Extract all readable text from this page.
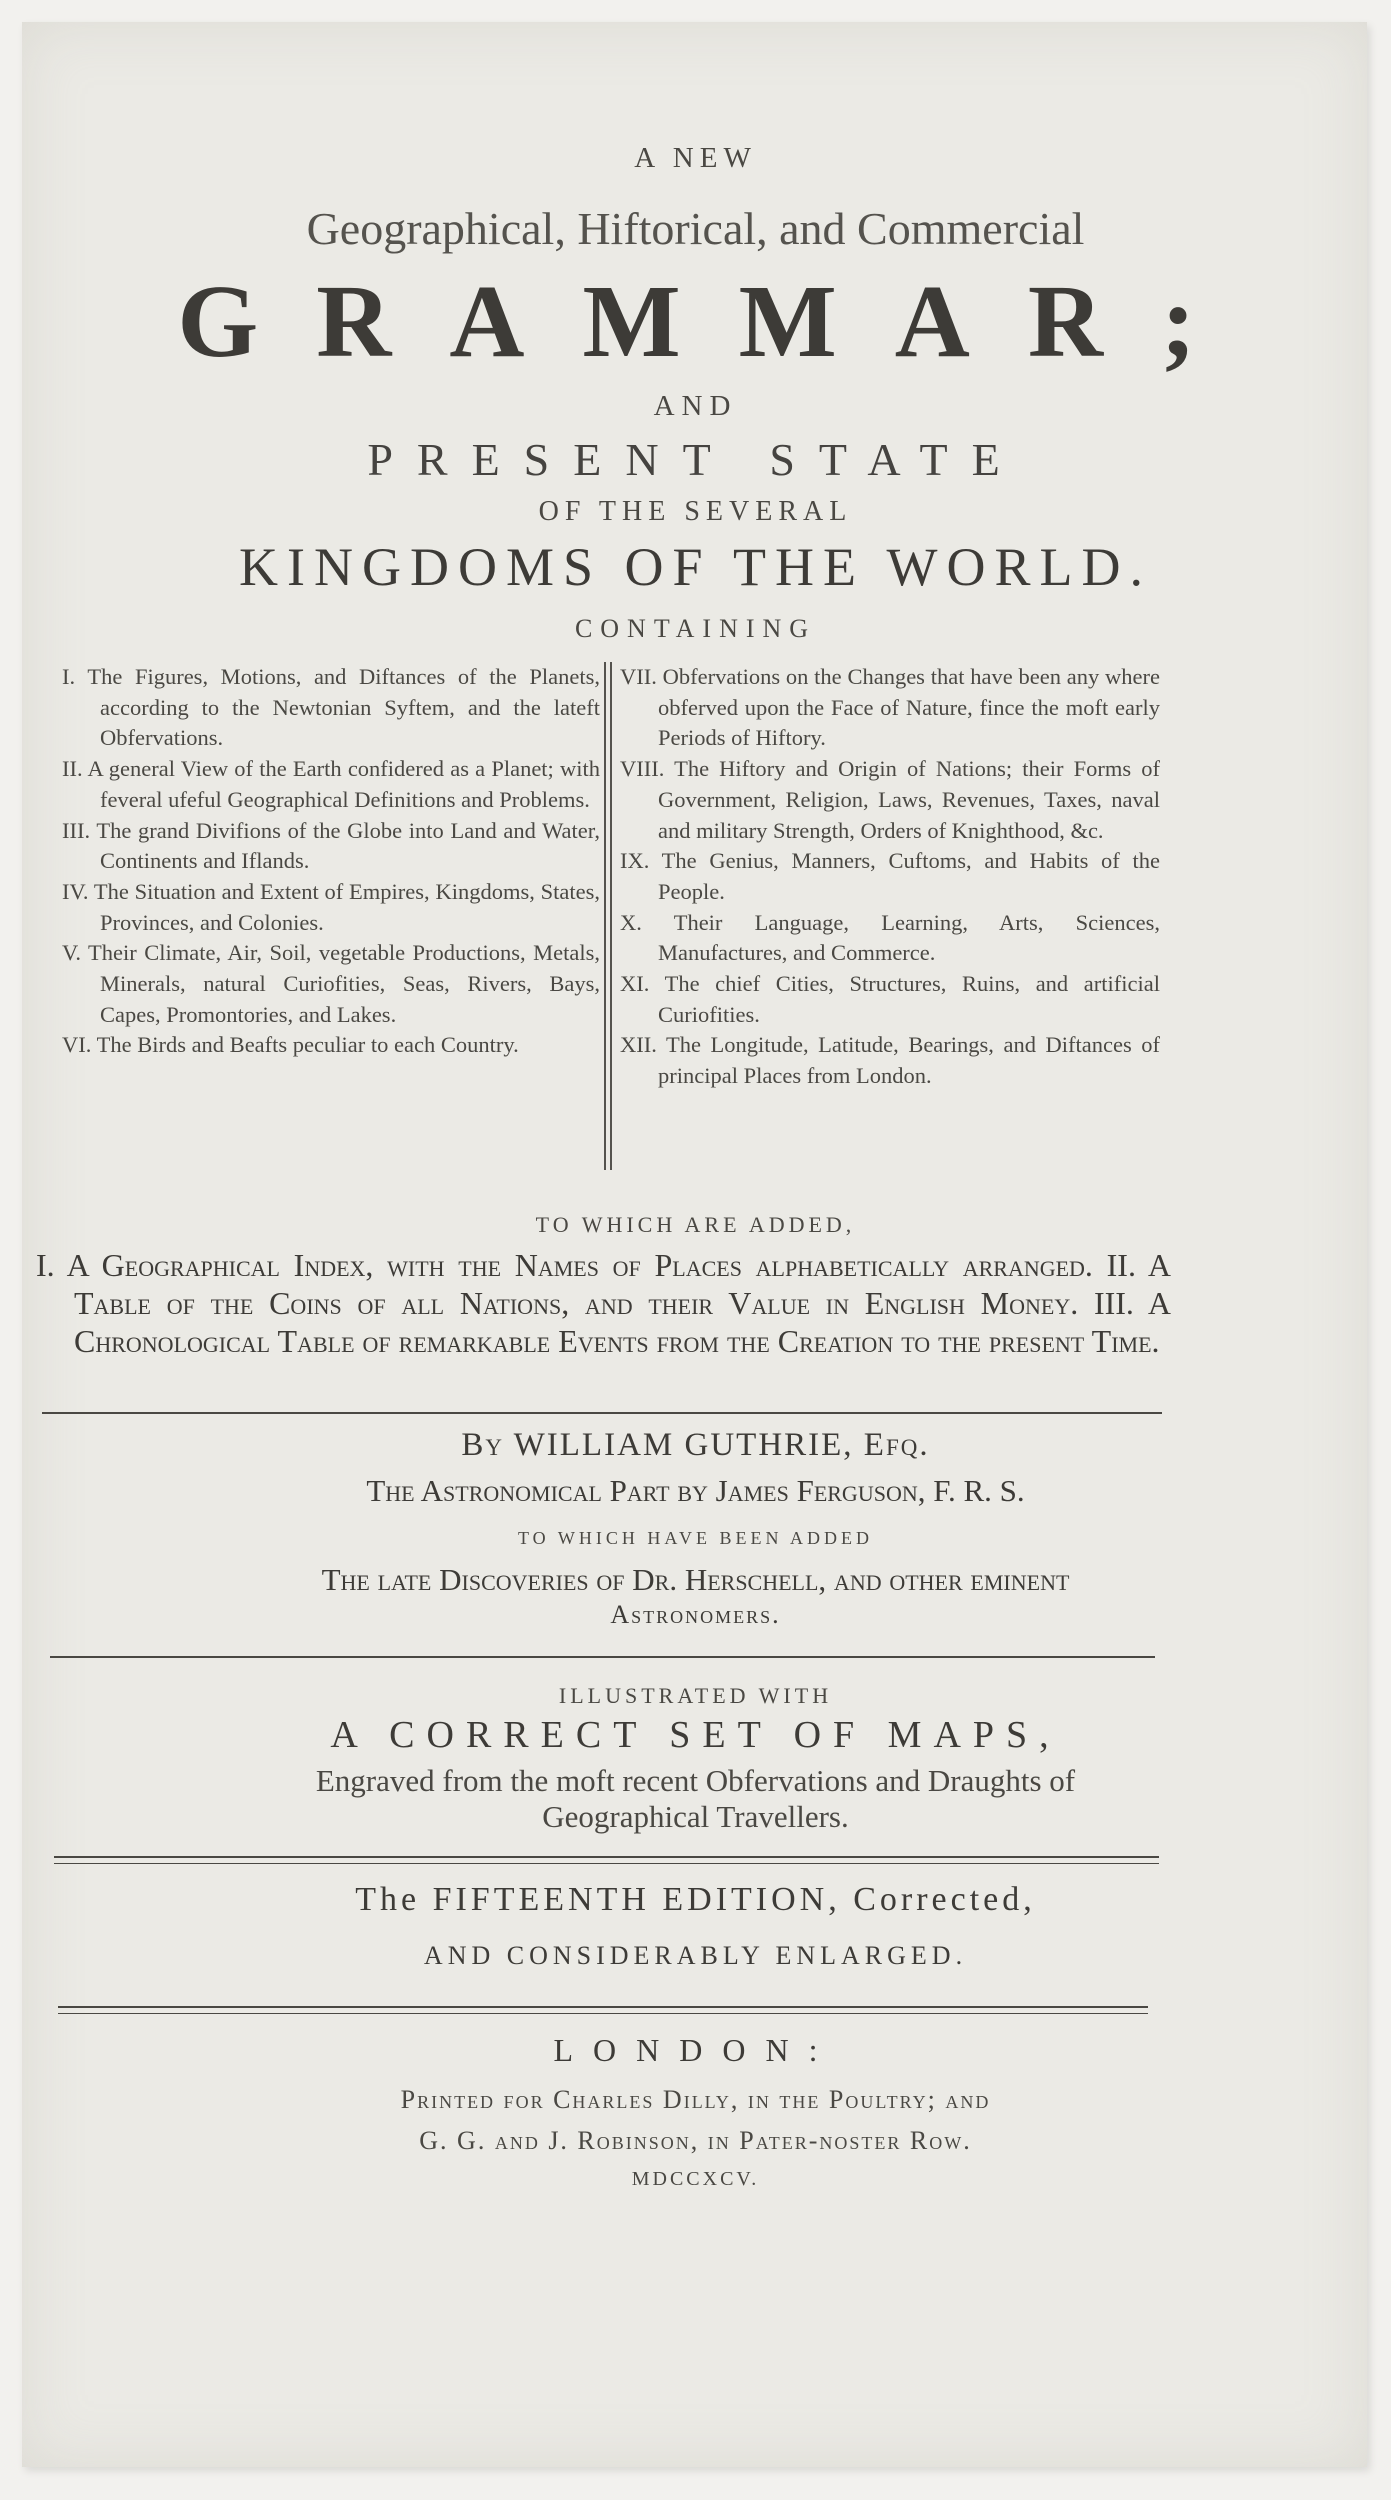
A NEW
Geographical, Hiftorical, and Commercial
GRAMMAR;
AND
PRESENT STATE
OF THE SEVERAL
KINGDOMS OF THE WORLD.
CONTAINING

I. The Figures, Motions, and Diftances of the Planets, according to the Newtonian Syftem, and the lateft Obfervations.

II. A general View of the Earth confidered as a Planet; with feveral ufeful Geographical Definitions and Problems.

III. The grand Divifions of the Globe into Land and Water, Continents and Iflands.

IV. The Situation and Extent of Empires, Kingdoms, States, Provinces, and Colonies.

V. Their Climate, Air, Soil, vegetable Productions, Metals, Minerals, natural Curiofities, Seas, Rivers, Bays, Capes, Promontories, and Lakes.

VI. The Birds and Beafts peculiar to each Country.

VII. Obfervations on the Changes that have been any where obferved upon the Face of Nature, fince the moft early Periods of Hiftory.

VIII. The Hiftory and Origin of Nations; their Forms of Government, Religion, Laws, Revenues, Taxes, naval and military Strength, Orders of Knighthood, &c.

IX. The Genius, Manners, Cuftoms, and Habits of the People.

X. Their Language, Learning, Arts, Sciences, Manufactures, and Commerce.

XI. The chief Cities, Structures, Ruins, and artificial Curiofities.

XII. The Longitude, Latitude, Bearings, and Diftances of principal Places from London.

TO WHICH ARE ADDED,

I. A Geographical Index, with the Names of Places alphabetically arranged. II. A Table of the Coins of all Nations, and their Value in English Money. III. A Chronological Table of remarkable Events from the Creation to the present Time.

By WILLIAM GUTHRIE, Efq.
The Astronomical Part by James Ferguson, F. R. S.
TO WHICH HAVE BEEN ADDED
The late Discoveries of Dr. Herschell, and other eminent
Astronomers.
ILLUSTRATED WITH
A CORRECT SET OF MAPS,
Engraved from the moft recent Obfervations and Draughts of
Geographical Travellers.
The FIFTEENTH EDITION, Corrected,
AND CONSIDERABLY ENLARGED.
LONDON:
Printed for Charles Dilly, in the Poultry; and
G. G. and J. Robinson, in Pater-noster Row.
MDCCXCV.
